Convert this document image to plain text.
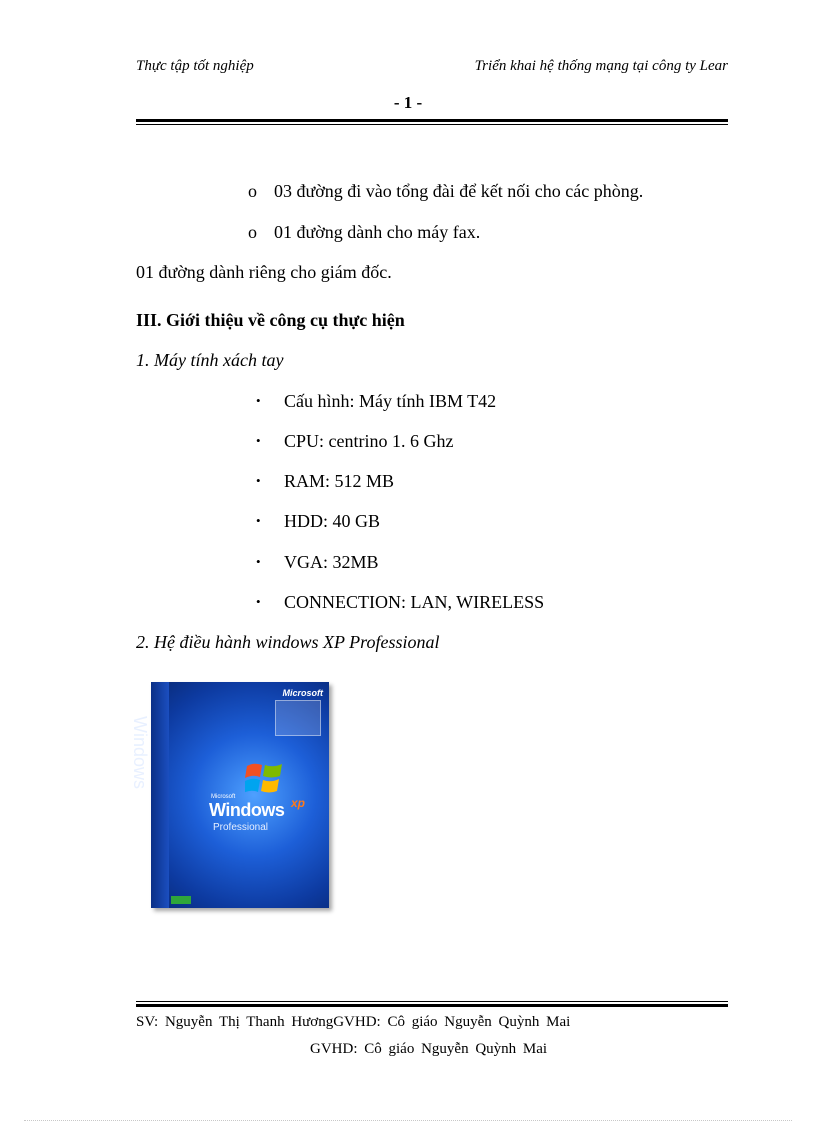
Thực tập tốt nghiệp	Triển khai hệ thống mạng tại công ty Lear
- 1 -
o 03 đường đi vào tổng đài để kết nối cho các phòng.
o 01 đường dành cho máy fax.
01 đường dành riêng cho giám đốc.
III. Giới thiệu về công cụ thực hiện
1. Máy tính xách tay
• Cấu hình: Máy tính IBM T42
• CPU: centrino 1. 6 Ghz
• RAM: 512 MB
• HDD: 40 GB
• VGA: 32MB
• CONNECTION: LAN, WIRELESS
2. Hệ điều hành windows XP Professional
Windows
Microsoft
Microsoft
Windows xp
Professional
SV: Nguyễn Thị Thanh HươngGVHD: Cô giáo Nguyễn Quỳnh Mai
GVHD: Cô giáo Nguyễn Quỳnh Mai
